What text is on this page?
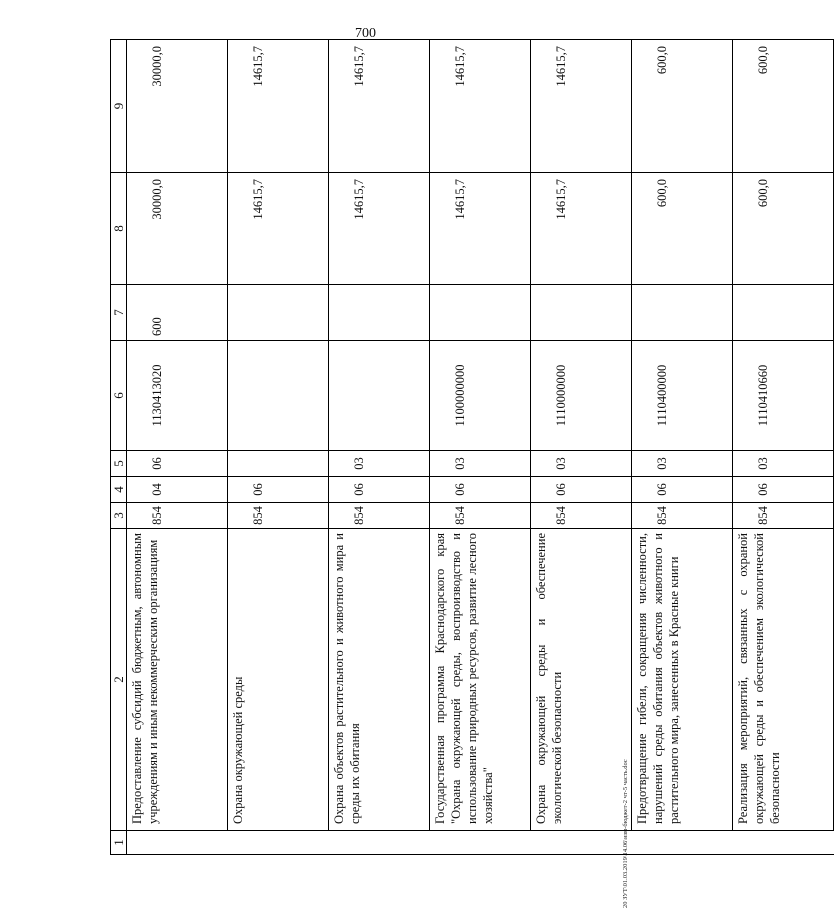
700
20 ЗУТ\01.03.2019\14.06\изм-бюджет-2 чт-5 часть.doc
1	2	3	4	5	6	7	8	9
	Предоставление субсидий бюджетным, автономным учреждениям и иным некоммерческим организациям	854	04	06	1130413020	600	30000,0	30000,0
	Охрана окружающей среды	854	06				14615,7	14615,7
	Охрана объектов растительного и животного мира и среды их обитания	854	06	03			14615,7	14615,7
	Государственная программа Краснодарского края "Охрана окружающей среды, воспроизводство и использование природных ресурсов, развитие лесного хозяйства"	854	06	03	1100000000		14615,7	14615,7
	Охрана окружающей среды и обеспечение экологической безопасности	854	06	03	1110000000		14615,7	14615,7
	Предотвращение гибели, сокращения численности, нарушений среды обитания объектов животного и растительного мира, занесенных в Красные книги	854	06	03	1110400000		600,0	600,0
	Реализация мероприятий, связанных с охраной окружающей среды и обеспечением экологической безопасности	854	06	03	1110410660		600,0	600,0
